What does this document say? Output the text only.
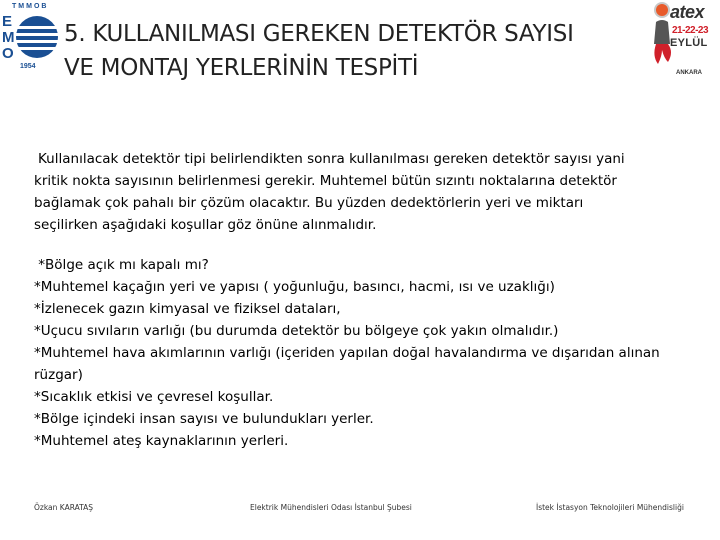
TMMOB
E
M
O
1954
atex
21-22-23
EYLÜL
ANKARA
5. KULLANILMASI GEREKEN DETEKTÖR SAYISI
VE MONTAJ YERLERİNİN TESPİTİ
Kullanılacak detektör tipi belirlendikten sonra kullanılması gereken detektör sayısı yani
kritik nokta sayısının belirlenmesi gerekir. Muhtemel bütün sızıntı noktalarına detektör
bağlamak çok pahalı bir çözüm olacaktır. Bu yüzden dedektörlerin yeri ve miktarı
seçilirken aşağıdaki koşullar göz önüne alınmalıdır.
*Bölge açık mı kapalı mı?
*Muhtemel kaçağın yeri ve yapısı ( yoğunluğu, basıncı, hacmi, ısı ve uzaklığı)
*İzlenecek gazın kimyasal ve fiziksel dataları,
*Uçucu sıvıların varlığı (bu durumda detektör bu bölgeye çok yakın olmalıdır.)
*Muhtemel hava akımlarının varlığı (içeriden yapılan doğal havalandırma ve dışarıdan alınan rüzgar)
*Sıcaklık etkisi ve çevresel koşullar.
*Bölge içindeki insan sayısı ve bulundukları yerler.
*Muhtemel ateş kaynaklarının yerleri.
Özkan KARATAŞ	Elektrik Mühendisleri Odası İstanbul Şubesi	İstek İstasyon Teknolojileri Mühendisliği
